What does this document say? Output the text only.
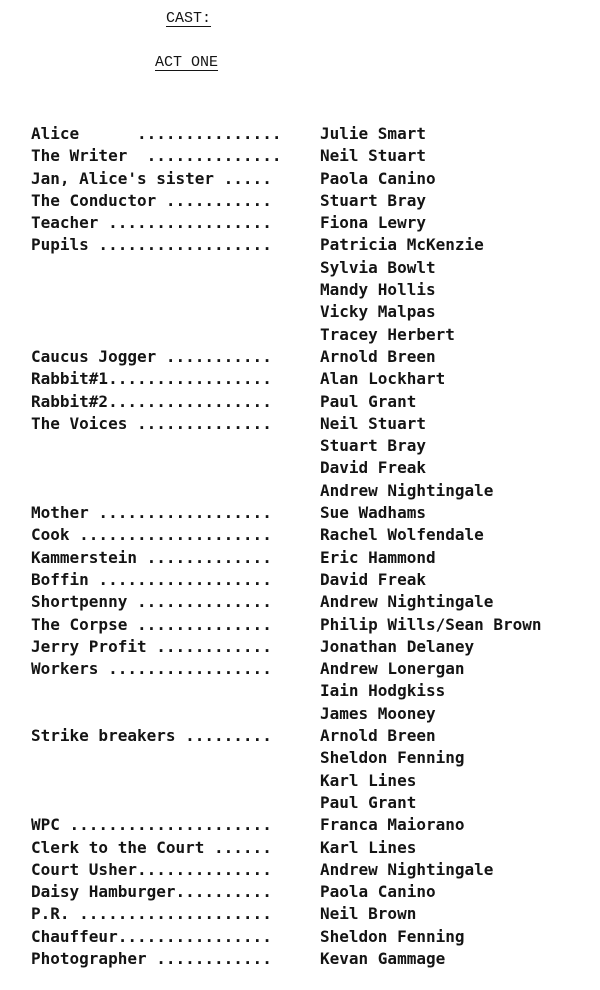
CAST:
ACT ONE
Alice      ............... Julie Smart
The Writer  .............. Neil Stuart
Jan, Alice's sister .....	Paola Canino
The Conductor ...........	Stuart Bray
Teacher .................	Fiona Lewry
Pupils ..................	Patricia McKenzie
Sylvia Bowlt
Mandy Hollis
Vicky Malpas
Tracey Herbert
Caucus Jogger ...........	Arnold Breen
Rabbit#1.................	Alan Lockhart
Rabbit#2.................	Paul Grant
The Voices ..............	Neil Stuart
Stuart Bray
David Freak
Andrew Nightingale
Mother ..................	Sue Wadhams
Cook ....................	Rachel Wolfendale
Kammerstein .............	Eric Hammond
Boffin ..................	David Freak
Shortpenny ..............	Andrew Nightingale
The Corpse ..............	Philip Wills/Sean Brown
Jerry Profit ............	Jonathan Delaney
Workers .................	Andrew Lonergan
Iain Hodgkiss
James Mooney
Strike breakers .........	Arnold Breen
Sheldon Fenning
Karl Lines
Paul Grant
WPC .....................	Franca Maiorano
Clerk to the Court ......	Karl Lines
Court Usher..............	Andrew Nightingale
Daisy Hamburger..........	Paola Canino
P.R. ....................	Neil Brown
Chauffeur................	Sheldon Fenning
Photographer ............	Kevan Gammage
